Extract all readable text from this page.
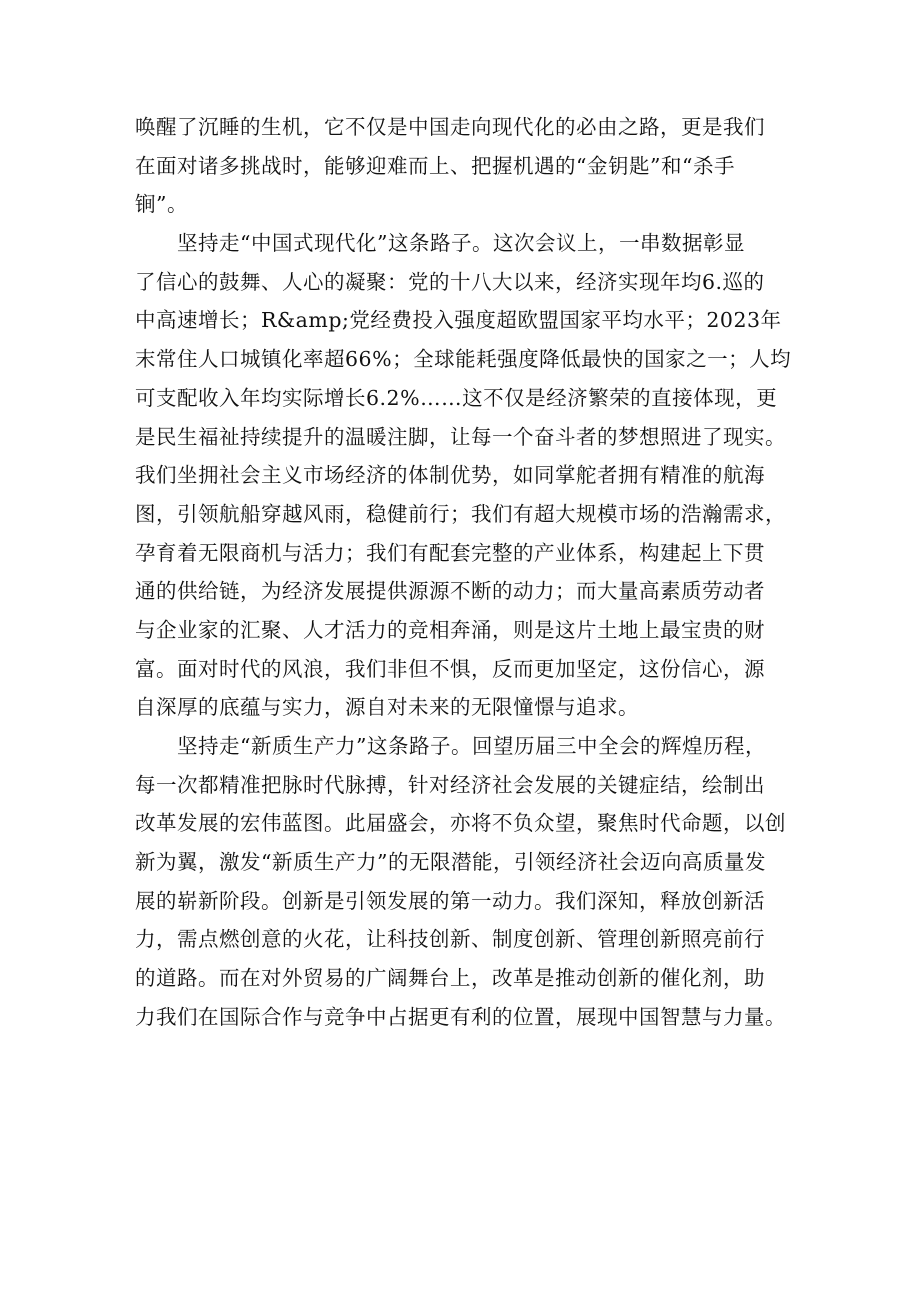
唤醒了沉睡的生机，它不仅是中国走向现代化的必由之路，更是我们
在面对诸多挑战时，能够迎难而上、把握机遇的“金钥匙”和“杀手
锏”。
　　坚持走“中国式现代化”这条路子。这次会议上，一串数据彰显
了信心的鼓舞、人心的凝聚：党的十八大以来，经济实现年均6.巡的
中高速增长；R&amp;党经费投入强度超欧盟国家平均水平；2023年
末常住人口城镇化率超66%；全球能耗强度降低最快的国家之一；人均
可支配收入年均实际增长6.2%……这不仅是经济繁荣的直接体现，更
是民生福祉持续提升的温暖注脚，让每一个奋斗者的梦想照进了现实。
我们坐拥社会主义市场经济的体制优势，如同掌舵者拥有精准的航海
图，引领航船穿越风雨，稳健前行；我们有超大规模市场的浩瀚需求，
孕育着无限商机与活力；我们有配套完整的产业体系，构建起上下贯
通的供给链，为经济发展提供源源不断的动力；而大量高素质劳动者
与企业家的汇聚、人才活力的竞相奔涌，则是这片土地上最宝贵的财
富。面对时代的风浪，我们非但不惧，反而更加坚定，这份信心，源
自深厚的底蕴与实力，源自对未来的无限憧憬与追求。
　　坚持走“新质生产力”这条路子。回望历届三中全会的辉煌历程，
每一次都精准把脉时代脉搏，针对经济社会发展的关键症结，绘制出
改革发展的宏伟蓝图。此届盛会，亦将不负众望，聚焦时代命题，以创
新为翼，激发“新质生产力”的无限潜能，引领经济社会迈向高质量发
展的崭新阶段。创新是引领发展的第一动力。我们深知，释放创新活
力，需点燃创意的火花，让科技创新、制度创新、管理创新照亮前行
的道路。而在对外贸易的广阔舞台上，改革是推动创新的催化剂，助
力我们在国际合作与竞争中占据更有利的位置，展现中国智慧与力量。
